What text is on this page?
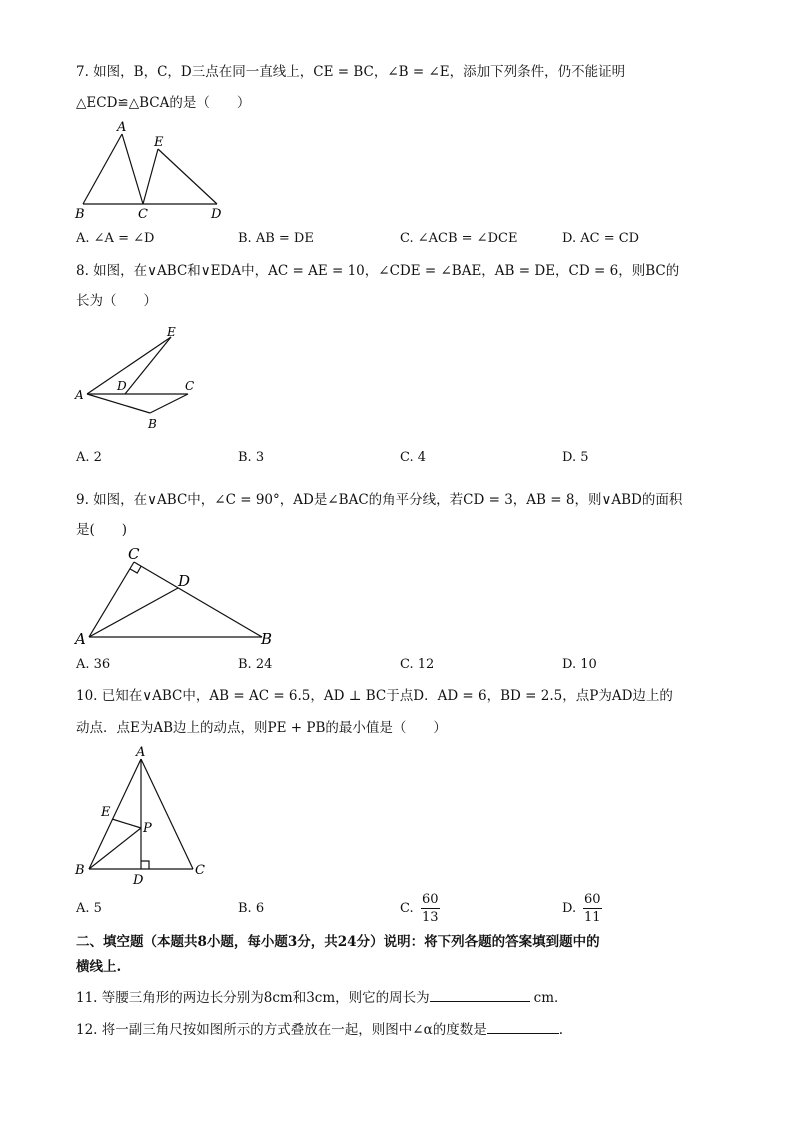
7. 如图，B，C，D三点在同一直线上，CE = BC，∠B = ∠E，添加下列条件，仍不能证明
△ECD≌△BCA的是（　　）
A
E
B	C	D
A. ∠A = ∠D	B. AB = DE	C. ∠ACB = ∠DCE	D. AC = CD
8. 如图，在∨ABC和∨EDA中，AC = AE = 10，∠CDE = ∠BAE，AB = DE，CD = 6，则BC的
长为（　　）
E
A
D	C
B
A. 2	B. 3	C. 4	D. 5
9. 如图，在∨ABC中，∠C = 90°，AD是∠BAC的角平分线，若CD = 3，AB = 8，则∨ABD的面积
是(　　)
C
D
A	B
A. 36	B. 24	C. 12	D. 10
10. 已知在∨ABC中，AB = AC = 6.5，AD ⊥ BC于点D．AD = 6，BD = 2.5，点P为AD边上的
动点．点E为AB边上的动点，则PE + PB的最小值是（　　）
A
E
P
B
D
C
A. 5	B. 6	C. $\frac{60}{13}$	D. $\frac{60}{11}$
二、填空题（本题共8小题，每小题3分，共24分）说明：将下列各题的答案填到题中的
横线上.
11. 等腰三角形的两边长分别为8cm和3cm，则它的周长为	cm．
12. 将一副三角尺按如图所示的方式叠放在一起，则图中∠α的度数是	.
